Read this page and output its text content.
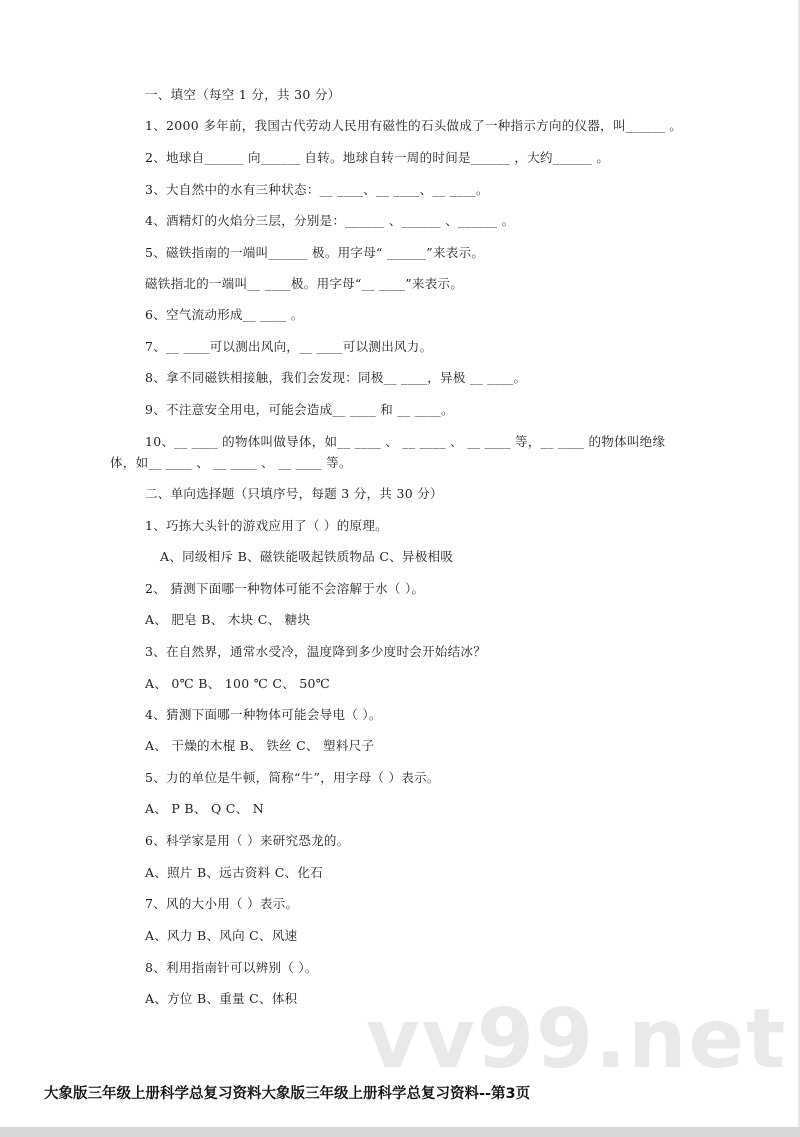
一、填空（每空 1 分，共 30 分）
1、2000 多年前，我国古代劳动人民用有磁性的石头做成了一种指示方向的仪器，叫______ 。
2、地球自______ 向______ 自转。地球自转一周的时间是______ ，大约______ 。
3、大自然中的水有三种状态：__ ____、__ ____、__ ____。
4、酒精灯的火焰分三层，分别是：______ 、______ 、______ 。
5、磁铁指南的一端叫______ 极。用字母“ ______”来表示。
磁铁指北的一端叫__ ____极。用字母“__ ____”来表示。
6、空气流动形成__ ____ 。
7、__ ____可以测出风向，__ ____可以测出风力。
8、拿不同磁铁相接触，我们会发现：同极__ ____，异极 __ ____。
9、不注意安全用电，可能会造成__ ____ 和 __ ____。
10、__ ____ 的物体叫做导体，如__ ____ 、 __ ____ 、 __ ____ 等，__ ____ 的物体叫绝缘
体，如__ ____ 、 __ ____ 、 __ ____ 等。
二、单向选择题（只填序号，每题 3 分，共 30 分）
1、巧拣大头针的游戏应用了（ ）的原理。
A、同级相斥 B、磁铁能吸起铁质物品 C、异极相吸
2、 猜测下面哪一种物体可能不会溶解于水（ ）。
A、 肥皂 B、 木块 C、 糖块
3、在自然界，通常水受冷，温度降到多少度时会开始结冰？
A、 0℃ B、 100 ℃ C、 50℃
4、猜测下面哪一种物体可能会导电（ ）。
A、 干燥的木棍 B、 铁丝 C、 塑料尺子
5、力的单位是牛顿，简称“牛”，用字母（ ）表示。
A、 P B、 Q C、 N
6、科学家是用（ ）来研究恐龙的。
A、照片 B、远古资料 C、化石
7、风的大小用（ ）表示。
A、风力 B、风向 C、风速
8、利用指南针可以辨别（ ）。
A、方位 B、重量 C、体积 vv99.net
大象版三年级上册科学总复习资料大象版三年级上册科学总复习资料--第3页
